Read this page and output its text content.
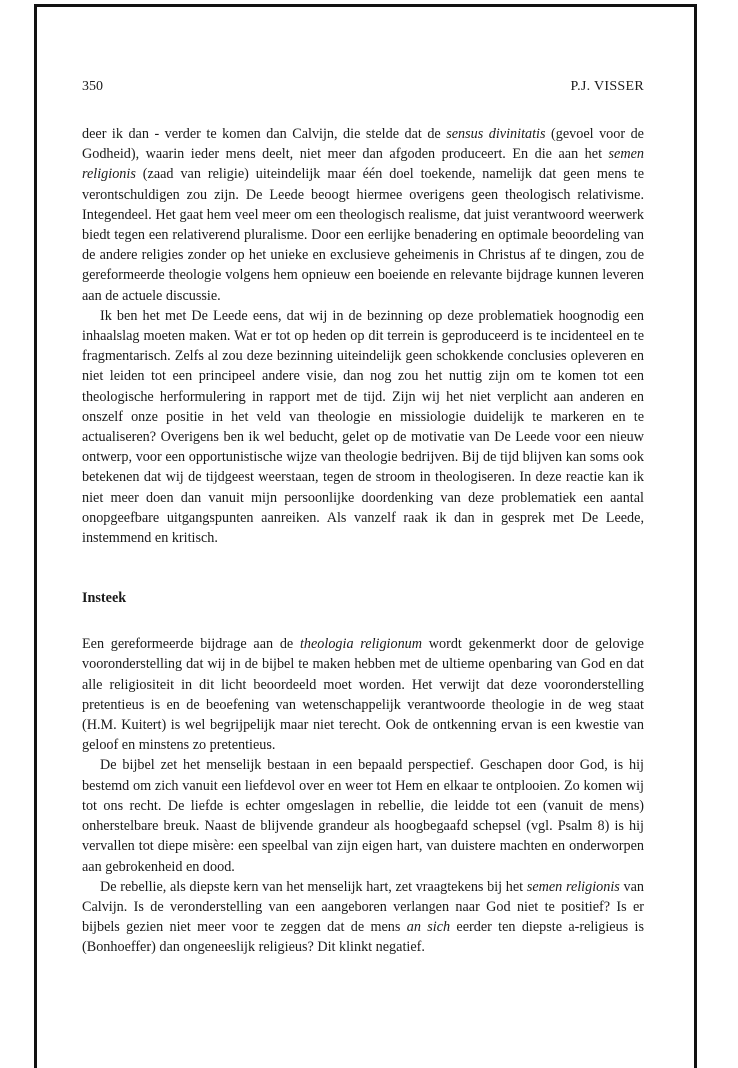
350	P.J. VISSER

deer ik dan - verder te komen dan Calvijn, die stelde dat de sensus divinitatis (gevoel voor de Godheid), waarin ieder mens deelt, niet meer dan afgoden produceert. En die aan het semen religionis (zaad van religie) uiteindelijk maar één doel toekende, namelijk dat geen mens te verontschuldigen zou zijn. De Leede beoogt hiermee overigens geen theologisch relativisme. Integendeel. Het gaat hem veel meer om een theologisch realisme, dat juist verantwoord weerwerk biedt tegen een relativerend pluralisme. Door een eerlijke benadering en optimale beoordeling van de andere religies zonder op het unieke en exclusieve geheimenis in Christus af te dingen, zou de gereformeerde theologie volgens hem opnieuw een boeiende en relevante bijdrage kunnen leveren aan de actuele discussie.

Ik ben het met De Leede eens, dat wij in de bezinning op deze problematiek hoognodig een inhaalslag moeten maken. Wat er tot op heden op dit terrein is geproduceerd is te incidenteel en te fragmentarisch. Zelfs al zou deze bezinning uiteindelijk geen schokkende conclusies opleveren en niet leiden tot een principeel andere visie, dan nog zou het nuttig zijn om te komen tot een theologische herformulering in rapport met de tijd. Zijn wij het niet verplicht aan anderen en onszelf onze positie in het veld van theologie en missiologie duidelijk te markeren en te actualiseren? Overigens ben ik wel beducht, gelet op de motivatie van De Leede voor een nieuw ontwerp, voor een opportunistische wijze van theologie bedrijven. Bij de tijd blijven kan soms ook betekenen dat wij de tijdgeest weerstaan, tegen de stroom in theologiseren. In deze reactie kan ik niet meer doen dan vanuit mijn persoonlijke doordenking van deze problematiek een aantal onopgeefbare uitgangspunten aanreiken. Als vanzelf raak ik dan in gesprek met De Leede, instemmend en kritisch.

Insteek

Een gereformeerde bijdrage aan de theologia religionum wordt gekenmerkt door de gelovige vooronderstelling dat wij in de bijbel te maken hebben met de ultieme openbaring van God en dat alle religiositeit in dit licht beoordeeld moet worden. Het verwijt dat deze vooronderstelling pretentieus is en de beoefening van wetenschappelijk verantwoorde theologie in de weg staat (H.M. Kuitert) is wel begrijpelijk maar niet terecht. Ook de ontkenning ervan is een kwestie van geloof en minstens zo pretentieus.

De bijbel zet het menselijk bestaan in een bepaald perspectief. Geschapen door God, is hij bestemd om zich vanuit een liefdevol over en weer tot Hem en elkaar te ontplooien. Zo komen wij tot ons recht. De liefde is echter omgeslagen in rebellie, die leidde tot een (vanuit de mens) onherstelbare breuk. Naast de blijvende grandeur als hoogbegaafd schepsel (vgl. Psalm 8) is hij vervallen tot diepe misère: een speelbal van zijn eigen hart, van duistere machten en onderworpen aan gebrokenheid en dood.

De rebellie, als diepste kern van het menselijk hart, zet vraagtekens bij het semen religionis van Calvijn. Is de veronderstelling van een aangeboren verlangen naar God niet te positief? Is er bijbels gezien niet meer voor te zeggen dat de mens an sich eerder ten diepste a-religieus is (Bonhoeffer) dan ongeneeslijk religieus? Dit klinkt negatief.
